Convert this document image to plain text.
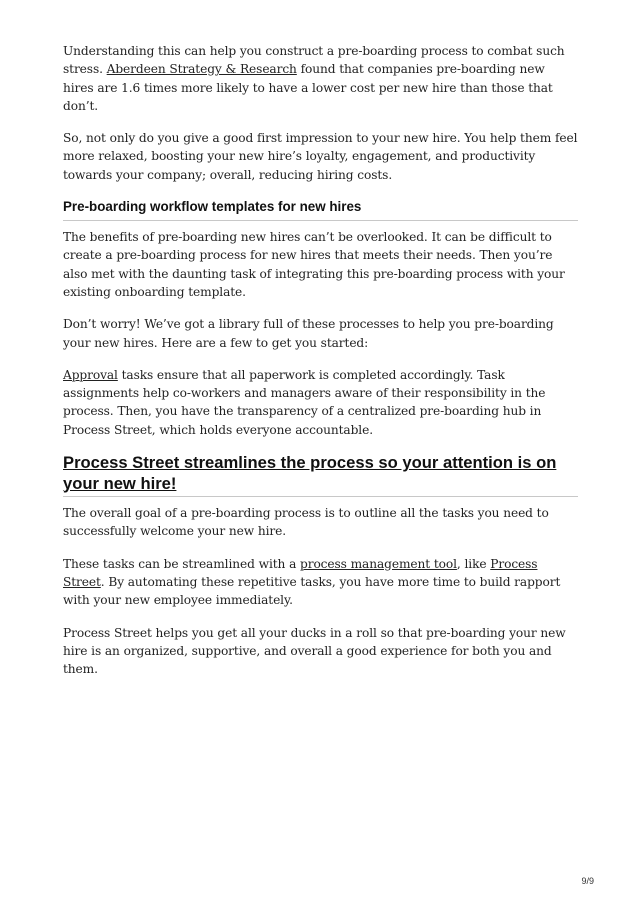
Understanding this can help you construct a pre-boarding process to combat such stress. Aberdeen Strategy & Research found that companies pre-boarding new hires are 1.6 times more likely to have a lower cost per new hire than those that don’t.

So, not only do you give a good first impression to your new hire. You help them feel more relaxed, boosting your new hire’s loyalty, engagement, and productivity towards your company; overall, reducing hiring costs.

Pre-boarding workflow templates for new hires

The benefits of pre-boarding new hires can’t be overlooked. It can be difficult to create a pre-boarding process for new hires that meets their needs. Then you’re also met with the daunting task of integrating this pre-boarding process with your existing onboarding template.

Don’t worry! We’ve got a library full of these processes to help you pre-boarding your new hires. Here are a few to get you started:

Approval tasks ensure that all paperwork is completed accordingly. Task assignments help co-workers and managers aware of their responsibility in the process. Then, you have the transparency of a centralized pre-boarding hub in Process Street, which holds everyone accountable.

Process Street streamlines the process so your attention is on your new hire!

The overall goal of a pre-boarding process is to outline all the tasks you need to successfully welcome your new hire.

These tasks can be streamlined with a process management tool, like Process Street. By automating these repetitive tasks, you have more time to build rapport with your new employee immediately.

Process Street helps you get all your ducks in a roll so that pre-boarding your new hire is an organized, supportive, and overall a good experience for both you and them.

9/9
